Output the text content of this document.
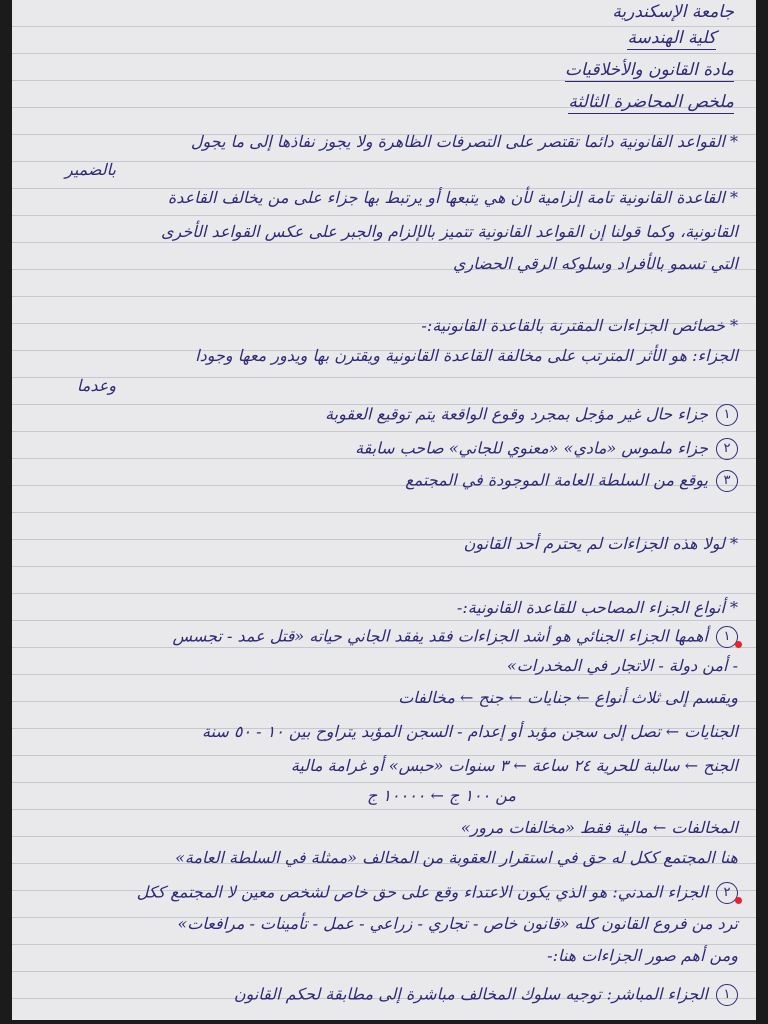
جامعة الإسكندرية
كلية الهندسة
مادة القانون والأخلاقيات
ملخص المحاضرة الثالثة
* القواعد القانونية دائما تقتصر على التصرفات الظاهرة ولا يجوز نفاذها إلى ما يجول
بالضمير
* القاعدة القانونية تامة إلزامية لأن هي يتبعها أو يرتبط بها جزاء على من يخالف القاعدة
القانونية، وكما قولنا إن القواعد القانونية تتميز بالإلزام والجبر على عكس القواعد الأخرى
التي تسمو بالأفراد وسلوكه الرقي الحضاري
* خصائص الجزاءات المقترنة بالقاعدة القانونية:-
الجزاء: هو الأثر المترتب على مخالفة القاعدة القانونية ويقترن بها ويدور معها وجودا
وعدما
١جزاء حال غير مؤجل بمجرد وقوع الواقعة يتم توقيع العقوبة
٢جزاء ملموس «مادي» «معنوي للجاني» صاحب سابقة
٣يوقع من السلطة العامة الموجودة في المجتمع
* لولا هذه الجزاءات لم يحترم أحد القانون
* أنواع الجزاء المصاحب للقاعدة القانونية:-
١أهمها الجزاء الجنائي هو أشد الجزاءات فقد يفقد الجاني حياته «قتل عمد - تجسس
- أمن دولة - الاتجار في المخدرات»
ويقسم إلى ثلاث أنواع ← جنايات ← جنح ← مخالفات
الجنايات ← تصل إلى سجن مؤبد أو إعدام - السجن المؤبد يتراوح بين ١٠ - ٥٠ سنة
الجنح ← سالبة للحرية ٢٤ ساعة ← ٣ سنوات «حبس» أو غرامة مالية
من ١٠٠ ج ← ١٠٠٠٠ ج
المخالفات ← مالية فقط «مخالفات مرور»
هنا المجتمع ككل له حق في استقرار العقوبة من المخالف «ممثلة في السلطة العامة»
٢الجزاء المدني: هو الذي يكون الاعتداء وقع على حق خاص لشخص معين لا المجتمع ككل
ترد من فروع القانون كله «قانون خاص - تجاري - زراعي - عمل - تأمينات - مرافعات»
ومن أهم صور الجزاءات هنا:-
١الجزاء المباشر: توجيه سلوك المخالف مباشرة إلى مطابقة لحكم القانون
